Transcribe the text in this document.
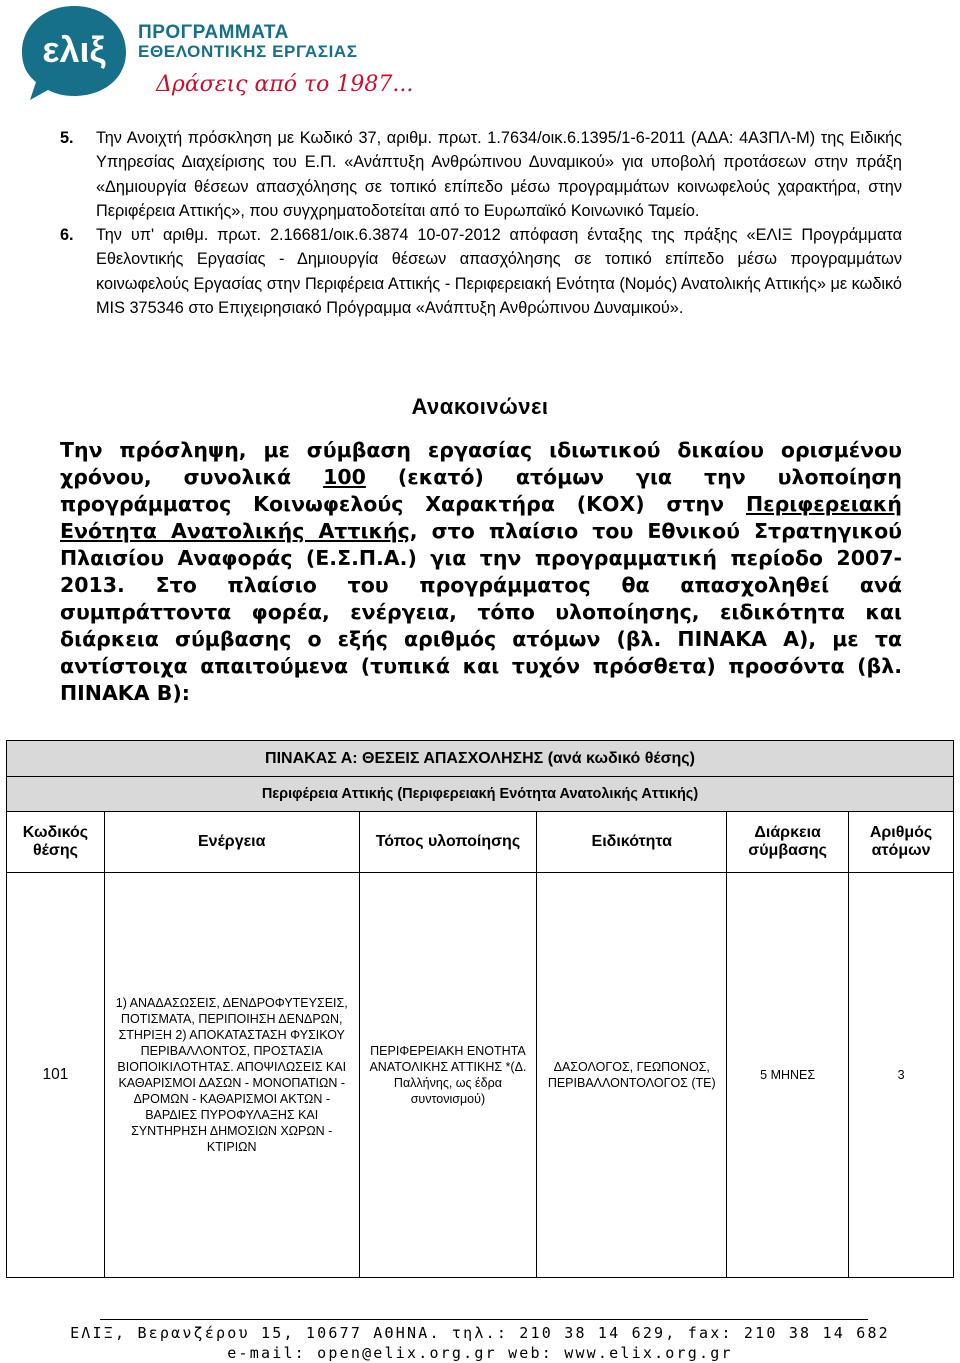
ελιξ ΠΡΟΓΡΑΜΜΑΤΑ
ΕΘΕΛΟΝΤΙΚΗΣ ΕΡΓΑΣΙΑΣ
Δράσεις από το 1987...
5. Την Ανοιχτή πρόσκληση με Κωδικό 37, αριθμ. πρωτ. 1.7634/οικ.6.1395/1-6-2011 (ΑΔΑ: 4Α3ΠΛ-Μ) της Ειδικής Υπηρεσίας Διαχείρισης του Ε.Π. «Ανάπτυξη Ανθρώπινου Δυναμικού» για υποβολή προτάσεων στην πράξη «Δημιουργία θέσεων απασχόλησης σε τοπικό επίπεδο μέσω προγραμμάτων κοινωφελούς χαρακτήρα, στην Περιφέρεια Αττικής», που συγχρηματοδοτείται από το Ευρωπαϊκό Κοινωνικό Ταμείο.
6. Την υπ' αριθμ. πρωτ. 2.16681/οικ.6.3874 10-07-2012 απόφαση ένταξης της πράξης «ΕΛΙΞ Προγράμματα Εθελοντικής Εργασίας - Δημιουργία θέσεων απασχόλησης σε τοπικό επίπεδο μέσω προγραμμάτων κοινωφελούς Εργασίας στην Περιφέρεια Αττικής - Περιφερειακή Ενότητα (Νομός) Ανατολικής Αττικής» με κωδικό MIS 375346 στο Επιχειρησιακό Πρόγραμμα «Ανάπτυξη Ανθρώπινου Δυναμικού».
Ανακοινώνει
Την πρόσληψη, με σύμβαση εργασίας ιδιωτικού δικαίου ορισμένου χρόνου, συνολικά 100 (εκατό) ατόμων για την υλοποίηση προγράμματος Κοινωφελούς Χαρακτήρα (ΚΟΧ) στην Περιφερειακή Ενότητα Ανατολικής Αττικής, στο πλαίσιο του Εθνικού Στρατηγικού Πλαισίου Αναφοράς (Ε.Σ.Π.Α.) για την προγραμματική περίοδο 2007-2013. Στο πλαίσιο του προγράμματος θα απασχοληθεί ανά συμπράττοντα φορέα, ενέργεια, τόπο υλοποίησης, ειδικότητα και διάρκεια σύμβασης ο εξής αριθμός ατόμων (βλ. ΠΙΝΑΚΑ Α), με τα αντίστοιχα απαιτούμενα (τυπικά και τυχόν πρόσθετα) προσόντα (βλ. ΠΙΝΑΚΑ Β):
ΠΙΝΑΚΑΣ Α: ΘΕΣΕΙΣ ΑΠΑΣΧΟΛΗΣΗΣ (ανά κωδικό θέσης)					
Περιφέρεια Αττικής (Περιφερειακή Ενότητα Ανατολικής Αττικής)					
Κωδικός θέσης	Ενέργεια	Τόπος υλοποίησης	Ειδικότητα	Διάρκεια σύμβασης	Αριθμός ατόμων
101	1) ΑΝΑΔΑΣΩΣΕΙΣ, ΔΕΝΔΡΟΦΥΤΕΥΣΕΙΣ, ΠΟΤΙΣΜΑΤΑ, ΠΕΡΙΠΟΙΗΣΗ ΔΕΝΔΡΩΝ, ΣΤΗΡΙΞΗ 2) ΑΠΟΚΑΤΑΣΤΑΣΗ ΦΥΣΙΚΟΥ ΠΕΡΙΒΑΛΛΟΝΤΟΣ, ΠΡΟΣΤΑΣΙΑ ΒΙΟΠΟΙΚΙΛΟΤΗΤΑΣ. ΑΠΟΨΙΛΩΣΕΙΣ ΚΑΙ ΚΑΘΑΡΙΣΜΟΙ ΔΑΣΩΝ - ΜΟΝΟΠΑΤΙΩΝ - ΔΡΟΜΩΝ - ΚΑΘΑΡΙΣΜΟΙ ΑΚΤΩΝ - ΒΑΡΔΙΕΣ ΠΥΡΟΦΥΛΑΞΗΣ ΚΑΙ ΣΥΝΤΗΡΗΣΗ ΔΗΜΟΣΙΩΝ ΧΩΡΩΝ - ΚΤΙΡΙΩΝ	ΠΕΡΙΦΕΡΕΙΑΚΗ ΕΝΟΤΗΤΑ ΑΝΑΤΟΛΙΚΗΣ ΑΤΤΙΚΗΣ *(Δ. Παλλήνης, ως έδρα συντονισμού)	ΔΑΣΟΛΟΓΟΣ, ΓΕΩΠΟΝΟΣ, ΠΕΡΙΒΑΛΛΟΝΤΟΛΟΓΟΣ (ΤΕ)	5 ΜΗΝΕΣ	3
ΕΛΙΞ, Βερανζέρου 15, 10677 ΑΘΗΝΑ. τηλ.: 210 38 14 629, fax: 210 38 14 682
e-mail: open@elix.org.gr web: www.elix.org.gr
